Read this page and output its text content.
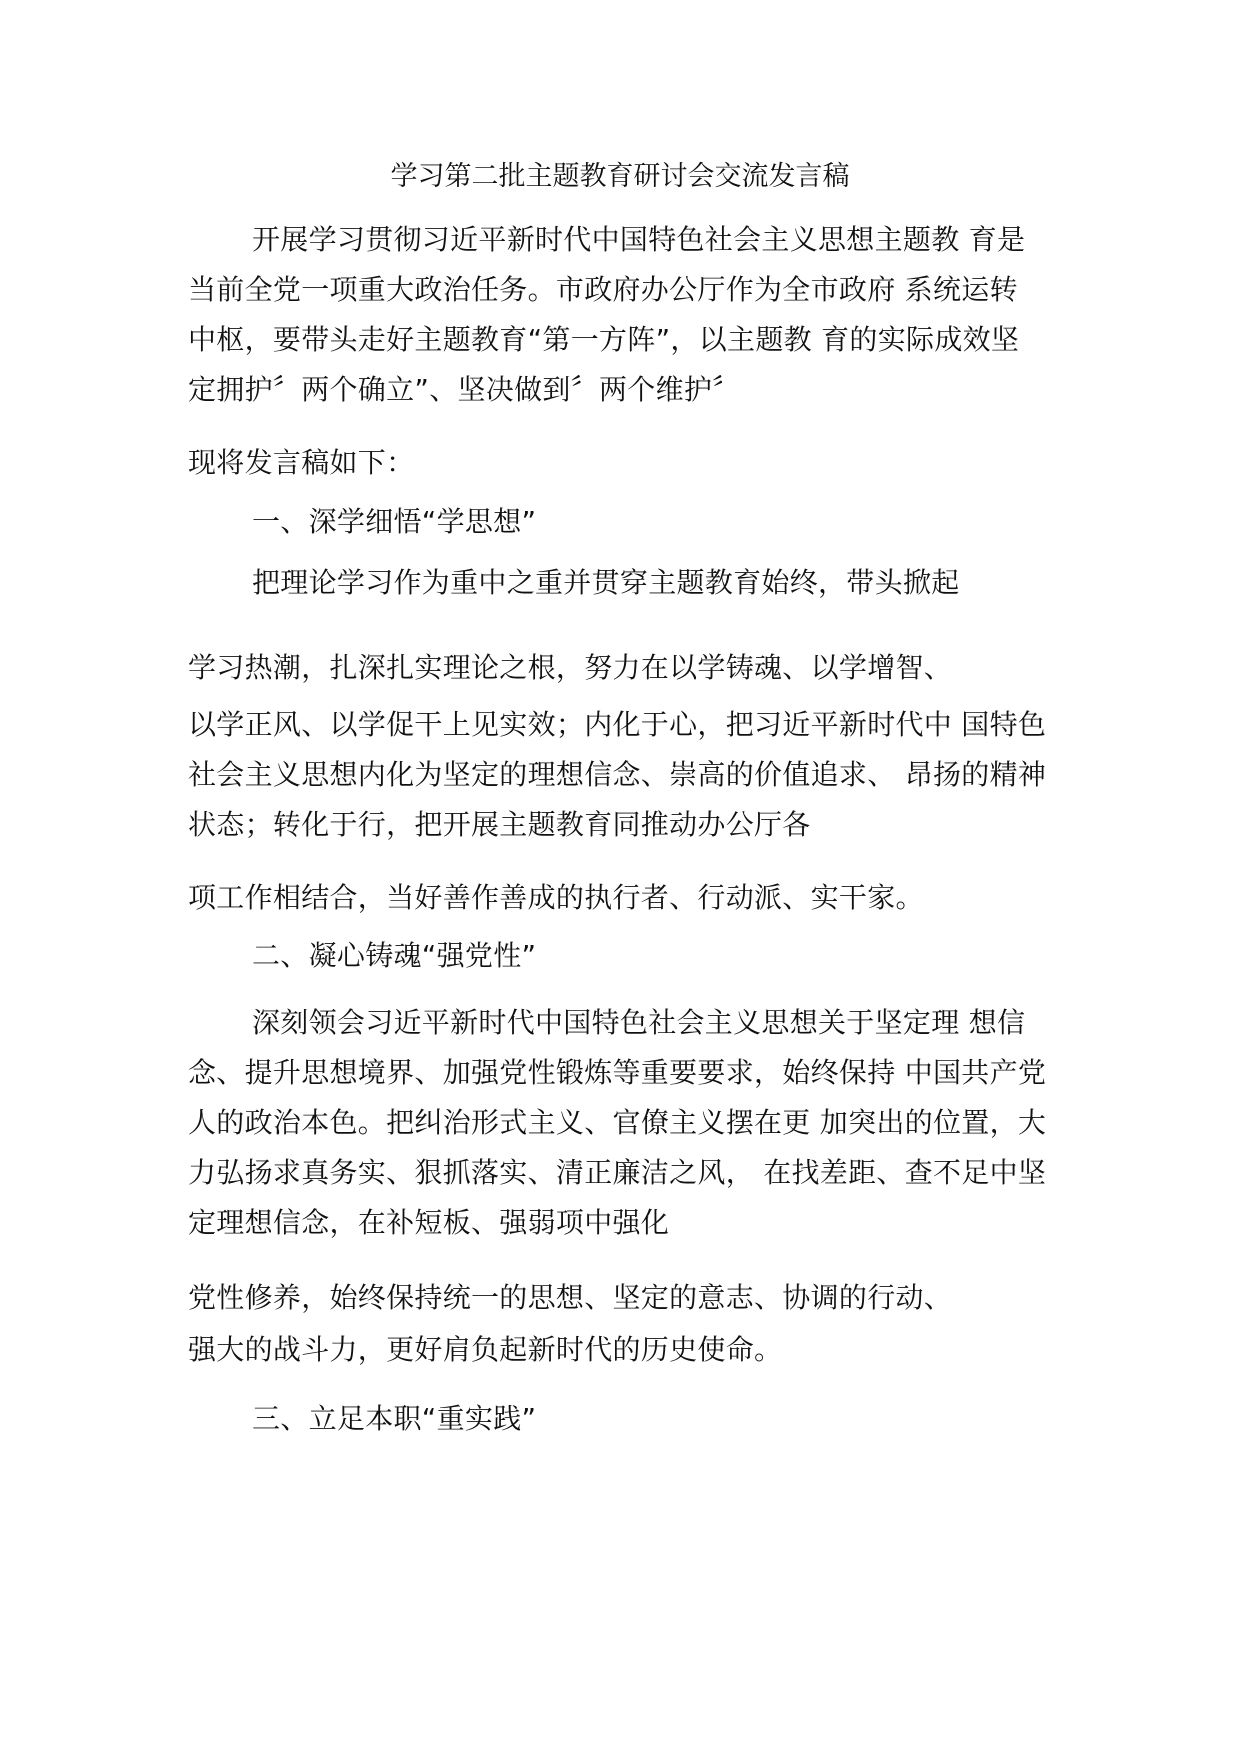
学习第二批主题教育研讨会交流发言稿
开展学习贯彻习近平新时代中国特色社会主义思想主题教 育是
当前全党一项重大政治任务。市政府办公厅作为全市政府 系统运转
中枢，要带头走好主题教育“第一方阵”，以主题教 育的实际成效坚
定拥护〞两个确立”、坚决做到〞两个维护〞
现将发言稿如下：
一、深学细悟“学思想”
把理论学习作为重中之重并贯穿主题教育始终，带头掀起
学习热潮，扎深扎实理论之根，努力在以学铸魂、以学增智、
以学正风、以学促干上见实效；内化于心，把习近平新时代中 国特色
社会主义思想内化为坚定的理想信念、崇高的价值追求、 昂扬的精神
状态；转化于行，把开展主题教育同推动办公厅各
项工作相结合，当好善作善成的执行者、行动派、实干家。
二、凝心铸魂“强党性”
深刻领会习近平新时代中国特色社会主义思想关于坚定理 想信
念、提升思想境界、加强党性锻炼等重要要求，始终保持 中国共产党
人的政治本色。把纠治形式主义、官僚主义摆在更 加突出的位置，大
力弘扬求真务实、狠抓落实、清正廉洁之风， 在找差距、查不足中坚
定理想信念，在补短板、强弱项中强化
党性修养，始终保持统一的思想、坚定的意志、协调的行动、
强大的战斗力，更好肩负起新时代的历史使命。
三、立足本职“重实践”
